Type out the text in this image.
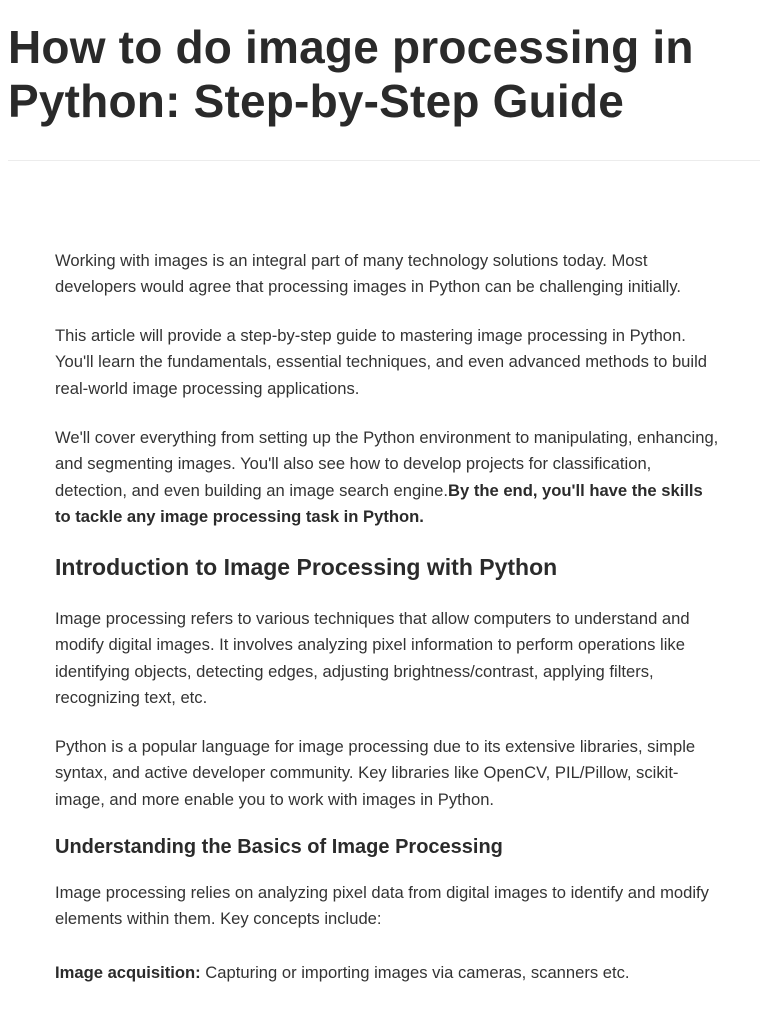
How to do image processing in Python: Step-by-Step Guide

Working with images is an integral part of many technology solutions today. Most developers would agree that processing images in Python can be challenging initially.

This article will provide a step-by-step guide to mastering image processing in Python. You'll learn the fundamentals, essential techniques, and even advanced methods to build real-world image processing applications.

We'll cover everything from setting up the Python environment to manipulating, enhancing, and segmenting images. You'll also see how to develop projects for classification, detection, and even building an image search engine.By the end, you'll have the skills to tackle any image processing task in Python.

Introduction to Image Processing with Python

Image processing refers to various techniques that allow computers to understand and modify digital images. It involves analyzing pixel information to perform operations like identifying objects, detecting edges, adjusting brightness/contrast, applying filters, recognizing text, etc.

Python is a popular language for image processing due to its extensive libraries, simple syntax, and active developer community. Key libraries like OpenCV, PIL/Pillow, scikit-image, and more enable you to work with images in Python.

Understanding the Basics of Image Processing

Image processing relies on analyzing pixel data from digital images to identify and modify elements within them. Key concepts include:

Image acquisition: Capturing or importing images via cameras, scanners etc.
